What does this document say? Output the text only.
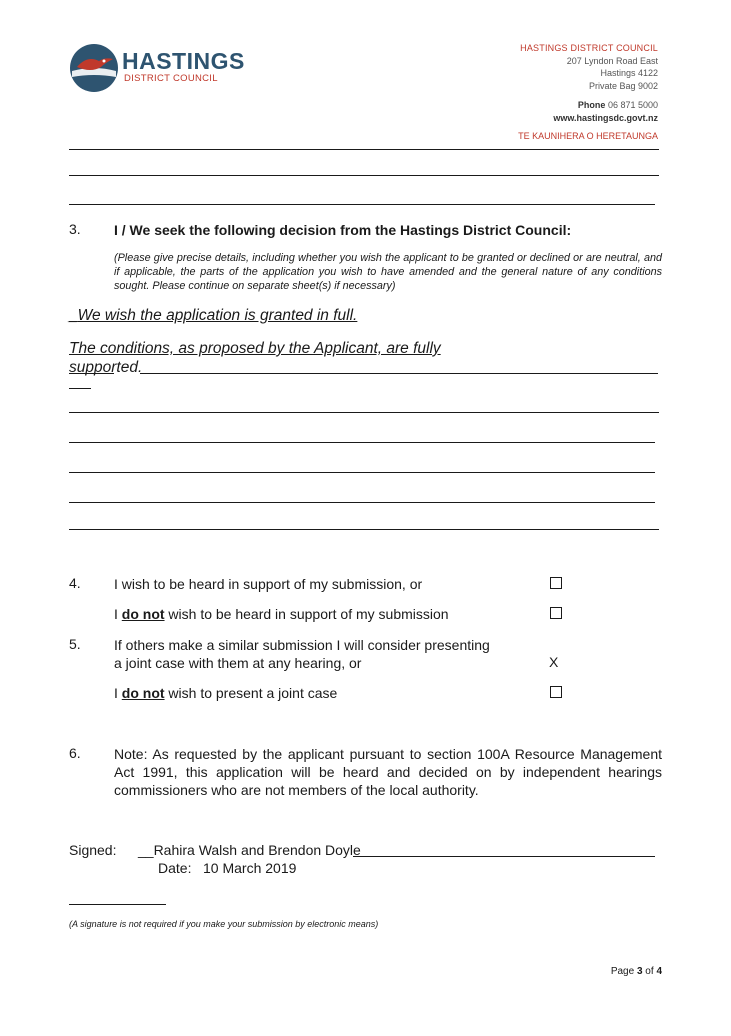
HASTINGS
DISTRICT COUNCIL
HASTINGS DISTRICT COUNCIL
207 Lyndon Road East
Hastings 4122
Private Bag 9002
Phone 06 871 5000
www.hastingsdc.govt.nz
TE KAUNIHERA O HERETAUNGA
3. I / We seek the following decision from the Hastings District Council:
(Please give precise details, including whether you wish the applicant to be granted or declined or are neutral, and if applicable, the parts of the application you wish to have amended and the general nature of any conditions sought. Please continue on separate sheet(s) if necessary)
_We wish the application is granted in full.
The conditions, as proposed by the Applicant, are fully
supported.
4. I wish to be heard in support of my submission, or
I do not wish to be heard in support of my submission
5. If others make a similar submission I will consider presenting
a joint case with them at any hearing, or	X
I do not wish to present a joint case
6. Note: As requested by the applicant pursuant to section 100A Resource Management Act 1991, this application will be heard and decided on by independent hearings commissioners who are not members of the local authority.
Signed: __Rahira Walsh and Brendon Doyle
Date: 10 March 2019
(A signature is not required if you make your submission by electronic means)
Page 3 of 4
